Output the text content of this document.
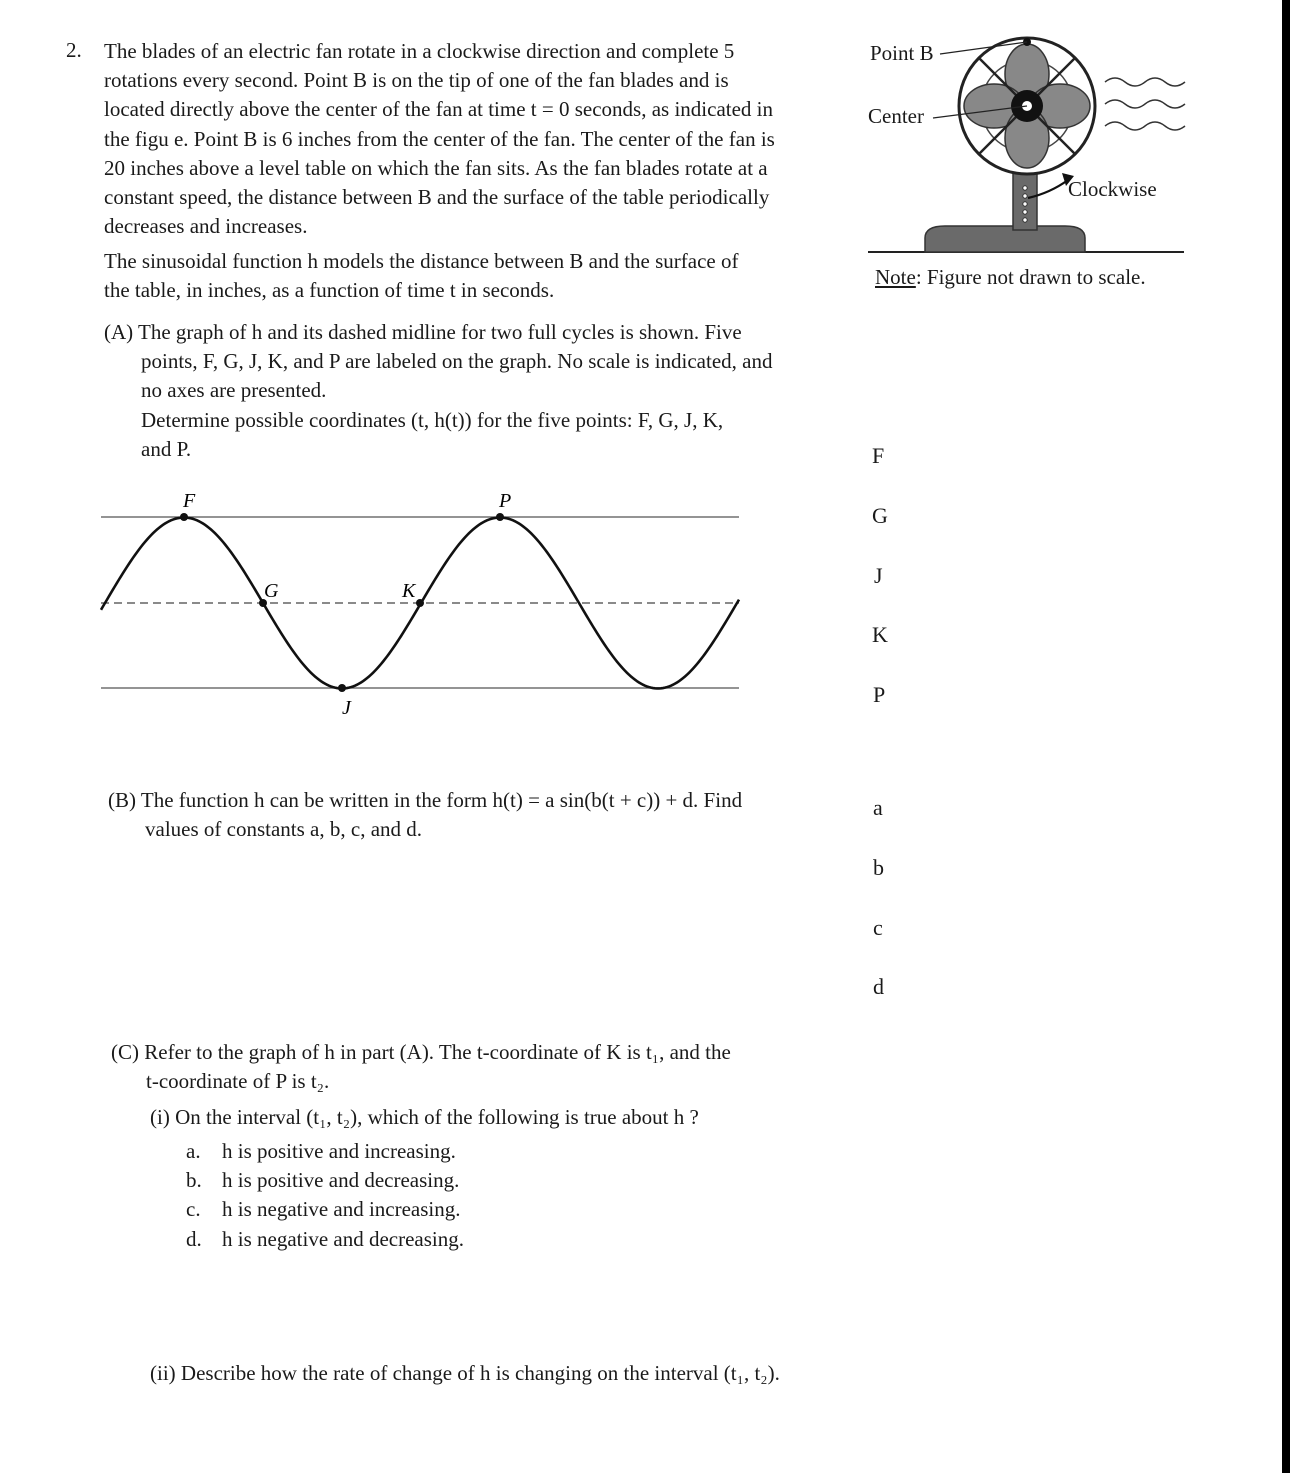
2. The blades of an electric fan rotate in a clockwise direction and complete 5
rotations every second. Point B is on the tip of one of the fan blades and is
located directly above the center of the fan at time t = 0 seconds, as indicated in
the figu e. Point B is 6 inches from the center of the fan. The center of the fan is
20 inches above a level table on which the fan sits. As the fan blades rotate at a
constant speed, the distance between B and the surface of the table periodically
decreases and increases.
The sinusoidal function h models the distance between B and the surface of
the table, in inches, as a function of time t in seconds.
(A) The graph of h and its dashed midline for two full cycles is shown. Five
points, F, G, J, K, and P are labeled on the graph. No scale is indicated, and
no axes are presented.
Determine possible coordinates (t, h(t)) for the five points: F, G, J, K,
and P.
F
G
J
K
P
(B) The function h can be written in the form h(t) = a sin(b(t + c)) + d. Find
values of constants a, b, c, and d.
(C) Refer to the graph of h in part (A). The t-coordinate of K is t₁, and the
t-coordinate of P is t₂.
(i) On the interval (t₁, t₂), which of the following is true about h ?
a. h is positive and increasing.
b. h is positive and decreasing.
c. h is negative and increasing.
d. h is negative and decreasing.
(ii) Describe how the rate of change of h is changing on the interval (t₁, t₂).
Point B
Center
Clockwise
Note: Figure not drawn to scale.
F
G
J
K
P
a
b
c
d
